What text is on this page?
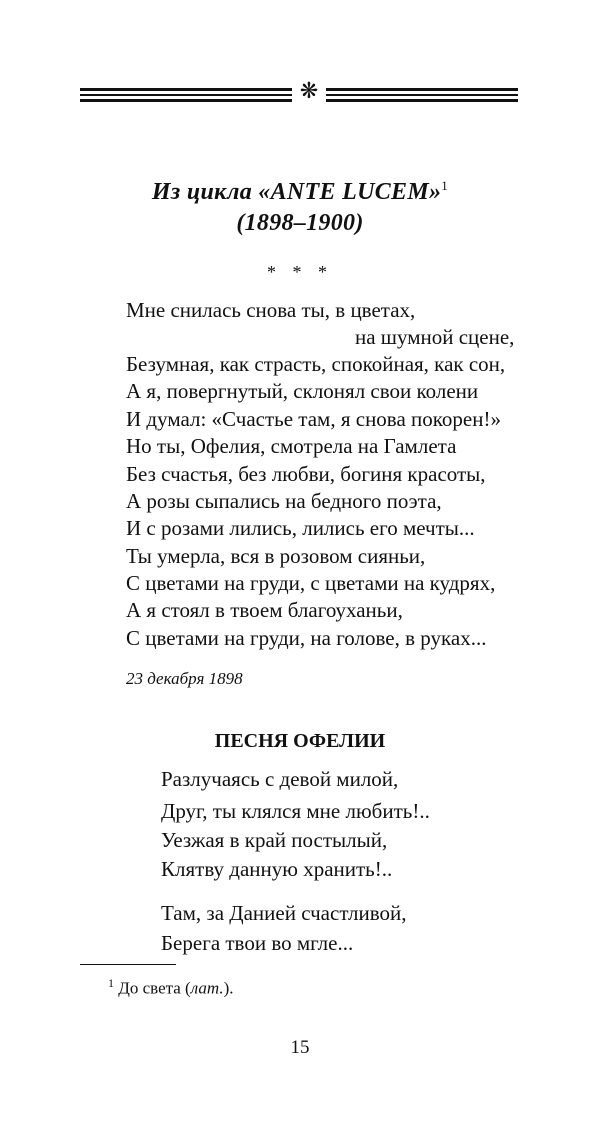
❋
Из цикла «ANTE LUCEM»$^1$
(1898–1900)
* * *
Мне снилась снова ты, в цветах,
на шумной сцене,
Безумная, как страсть, спокойная, как сон,
А я, повергнутый, склонял свои колени
И думал: «Счастье там, я снова покорен!»
Но ты, Офелия, смотрела на Гамлета
Без счастья, без любви, богиня красоты,
А розы сыпались на бедного поэта,
И с розами лились, лились его мечты...
Ты умерла, вся в розовом сияньи,
С цветами на груди, с цветами на кудрях,
А я стоял в твоем благоуханьи,
С цветами на груди, на голове, в руках...
23 декабря 1898
ПЕСНЯ ОФЕЛИИ
Разлучаясь с девой милой,
Друг, ты клялся мне любить!..
Уезжая в край постылый,
Клятву данную хранить!..
Там, за Данией счастливой,
Берега твои во мгле...
$^1$ До света (лат.).
15
